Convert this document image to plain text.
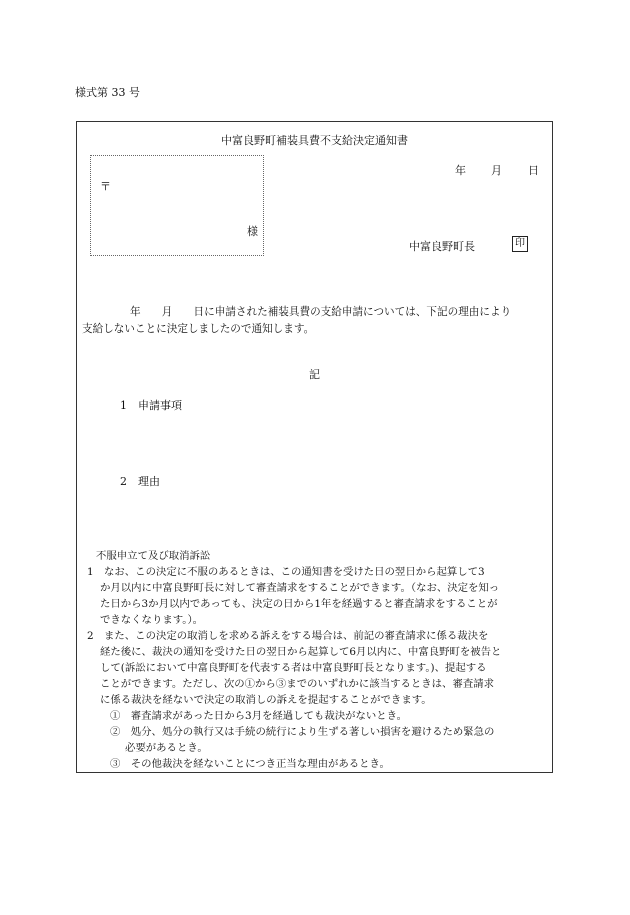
様式第 33 号
中富良野町補装具費不支給決定通知書
〒
様
年 月 日
中富良野町長	印
年　　月　　日に申請された補装具費の支給申請については、下記の理由により
支給しないことに決定しましたので通知します。
記
1　 申請事項
2　 理由
不服申立て及び取消訴訟
1　なお、この決定に不服のあるときは、この通知書を受けた日の翌日から起算して3
か月以内に中富良野町長に対して審査請求をすることができます。（なお、決定を知っ
た日から3か月以内であっても、決定の日から1年を経過すると審査請求をすることが
できなくなります。）。
2　また、この決定の取消しを求める訴えをする場合は、前記の審査請求に係る裁決を
経た後に、裁決の通知を受けた日の翌日から起算して6月以内に、中富良野町を被告と
して(訴訟において中富良野町を代表する者は中富良野町長となります。)、提起する
ことができます。ただし、次の①から③までのいずれかに該当するときは、審査請求
に係る裁決を経ないで決定の取消しの訴えを提起することができます。
①　審査請求があった日から3月を経過しても裁決がないとき。
②　処分、処分の執行又は手続の続行により生ずる著しい損害を避けるため緊急の
必要があるとき。
③　その他裁決を経ないことにつき正当な理由があるとき。
